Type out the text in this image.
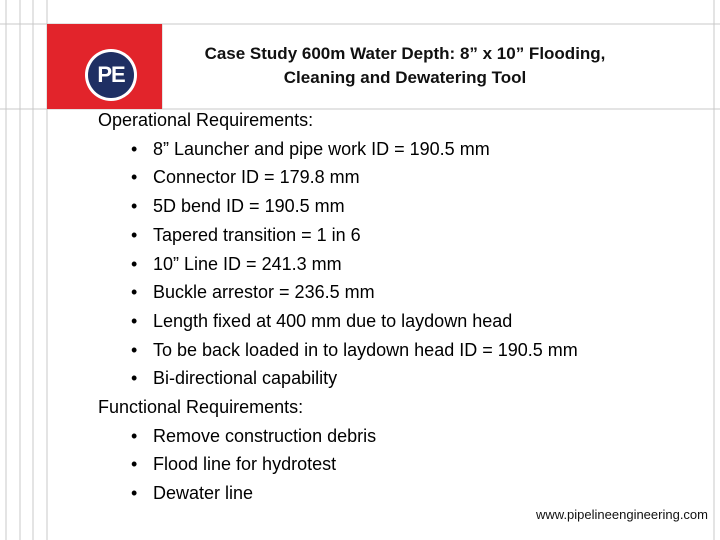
PE
Case Study 600m Water Depth: 8” x 10” Flooding,
Cleaning and Dewatering Tool
Operational Requirements:
• 8” Launcher and pipe work ID = 190.5 mm
• Connector ID = 179.8 mm
• 5D bend ID = 190.5 mm
• Tapered transition = 1 in 6
• 10” Line ID = 241.3 mm
• Buckle arrestor = 236.5 mm
• Length fixed at 400 mm due to laydown head
• To be back loaded in to laydown head ID = 190.5 mm
• Bi-directional capability
Functional Requirements:
• Remove construction debris
• Flood line for hydrotest
• Dewater line
www.pipelineengineering.com
